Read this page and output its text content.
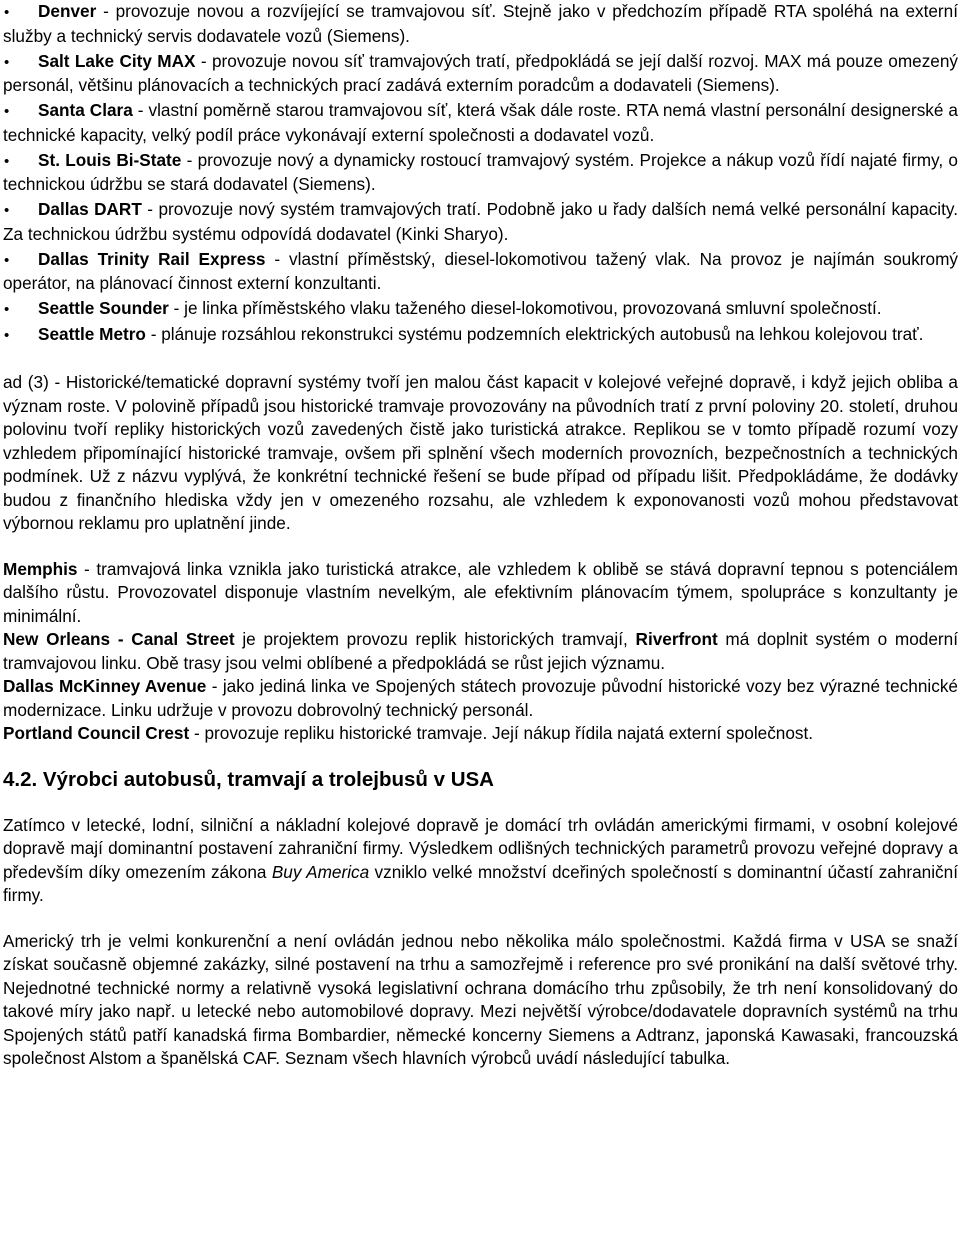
• Denver - provozuje novou a rozvíjející se tramvajovou síť. Stejně jako v předchozím případě RTA spoléhá na externí služby a technický servis dodavatele vozů (Siemens).
• Salt Lake City MAX - provozuje novou síť tramvajových tratí, předpokládá se její další rozvoj. MAX má pouze omezený personál, většinu plánovacích a technických prací zadává externím poradcům a dodavateli (Siemens).
• Santa Clara - vlastní poměrně starou tramvajovou síť, která však dále roste. RTA nemá vlastní personální designerské a technické kapacity, velký podíl práce vykonávají externí společnosti a dodavatel vozů.
• St. Louis Bi-State - provozuje nový a dynamicky rostoucí tramvajový systém. Projekce a nákup vozů řídí najaté firmy, o technickou údržbu se stará dodavatel (Siemens).
• Dallas DART - provozuje nový systém tramvajových tratí. Podobně jako u řady dalších nemá velké personální kapacity. Za technickou údržbu systému odpovídá dodavatel (Kinki Sharyo).
• Dallas Trinity Rail Express - vlastní příměstský, diesel-lokomotivou tažený vlak. Na provoz je najímán soukromý operátor, na plánovací činnost externí konzultanti.
• Seattle Sounder - je linka příměstského vlaku taženého diesel-lokomotivou, provozovaná smluvní společností.
• Seattle Metro - plánuje rozsáhlou rekonstrukci systému podzemních elektrických autobusů na lehkou kolejovou trať.

ad (3) - Historické/tematické dopravní systémy tvoří jen malou část kapacit v kolejové veřejné dopravě, i když jejich obliba a význam roste. V polovině případů jsou historické tramvaje provozovány na původních tratí z první poloviny 20. století, druhou polovinu tvoří repliky historických vozů zavedených čistě jako turistická atrakce. Replikou se v tomto případě rozumí vozy vzhledem připomínající historické tramvaje, ovšem při splnění všech moderních provozních, bezpečnostních a technických podmínek. Už z názvu vyplývá, že konkrétní technické řešení se bude případ od případu lišit. Předpokládáme, že dodávky budou z finančního hlediska vždy jen v omezeného rozsahu, ale vzhledem k exponovanosti vozů mohou představovat výbornou reklamu pro uplatnění jinde.

Memphis - tramvajová linka vznikla jako turistická atrakce, ale vzhledem k oblibě se stává dopravní tepnou s potenciálem dalšího růstu. Provozovatel disponuje vlastním nevelkým, ale efektivním plánovacím týmem, spolupráce s konzultanty je minimální.

New Orleans - Canal Street je projektem provozu replik historických tramvají, Riverfront má doplnit systém o moderní tramvajovou linku. Obě trasy jsou velmi oblíbené a předpokládá se růst jejich významu.

Dallas McKinney Avenue - jako jediná linka ve Spojených státech provozuje původní historické vozy bez výrazné technické modernizace. Linku udržuje v provozu dobrovolný technický personál.

Portland Council Crest - provozuje repliku historické tramvaje. Její nákup řídila najatá externí společnost.

4.2. Výrobci autobusů, tramvají a trolejbusů v USA

Zatímco v letecké, lodní, silniční a nákladní kolejové dopravě je domácí trh ovládán americkými firmami, v osobní kolejové dopravě mají dominantní postavení zahraniční firmy. Výsledkem odlišných technických parametrů provozu veřejné dopravy a především díky omezením zákona Buy America vzniklo velké množství dceřiných společností s dominantní účastí zahraniční firmy.

Americký trh je velmi konkurenční a není ovládán jednou nebo několika málo společnostmi. Každá firma v USA se snaží získat současně objemné zakázky, silné postavení na trhu a samozřejmě i reference pro své pronikání na další světové trhy. Nejednotné technické normy a relativně vysoká legislativní ochrana domácího trhu způsobily, že trh není konsolidovaný do takové míry jako např. u letecké nebo automobilové dopravy. Mezi největší výrobce/dodavatele dopravních systémů na trhu Spojených států patří kanadská firma Bombardier, německé koncerny Siemens a Adtranz, japonská Kawasaki, francouzská společnost Alstom a španělská CAF. Seznam všech hlavních výrobců uvádí následující tabulka.
